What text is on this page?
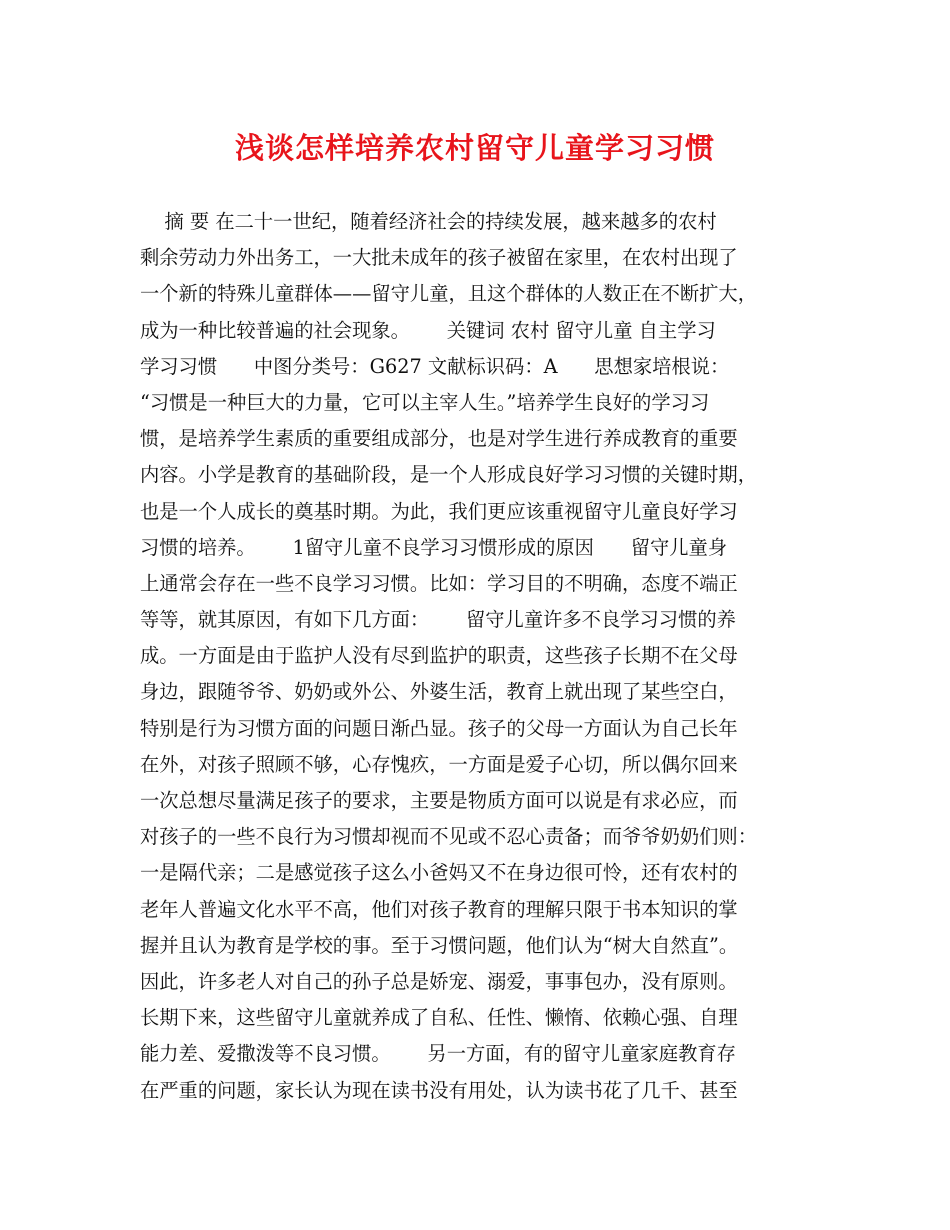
浅谈怎样培养农村留守儿童学习习惯
摘 要 在二十一世纪，随着经济社会的持续发展，越来越多的农村
剩余劳动力外出务工，一大批未成年的孩子被留在家里，在农村出现了
一个新的特殊儿童群体——留守儿童，且这个群体的人数正在不断扩大，
成为一种比较普遍的社会现象。      关键词 农村 留守儿童 自主学习
学习习惯      中图分类号：G627 文献标识码：A      思想家培根说：
“习惯是一种巨大的力量，它可以主宰人生。”培养学生良好的学习习
惯，是培养学生素质的重要组成部分，也是对学生进行养成教育的重要
内容。小学是教育的基础阶段，是一个人形成良好学习习惯的关键时期，
也是一个人成长的奠基时期。为此，我们更应该重视留守儿童良好学习
习惯的培养。      1留守儿童不良学习习惯形成的原因      留守儿童身
上通常会存在一些不良学习习惯。比如：学习目的不明确，态度不端正
等等，就其原因，有如下几方面：      留守儿童许多不良学习习惯的养
成。一方面是由于监护人没有尽到监护的职责，这些孩子长期不在父母
身边，跟随爷爷、奶奶或外公、外婆生活，教育上就出现了某些空白，
特别是行为习惯方面的问题日渐凸显。孩子的父母一方面认为自己长年
在外，对孩子照顾不够，心存愧疚，一方面是爱子心切，所以偶尔回来
一次总想尽量满足孩子的要求，主要是物质方面可以说是有求必应，而
对孩子的一些不良行为习惯却视而不见或不忍心责备；而爷爷奶奶们则：
一是隔代亲；二是感觉孩子这么小爸妈又不在身边很可怜，还有农村的
老年人普遍文化水平不高，他们对孩子教育的理解只限于书本知识的掌
握并且认为教育是学校的事。至于习惯问题，他们认为“树大自然直”。
因此，许多老人对自己的孙子总是娇宠、溺爱，事事包办，没有原则。
长期下来，这些留守儿童就养成了自私、任性、懒惰、依赖心强、自理
能力差、爱撒泼等不良习惯。      另一方面，有的留守儿童家庭教育存
在严重的问题，家长认为现在读书没有用处，认为读书花了几千、甚至
